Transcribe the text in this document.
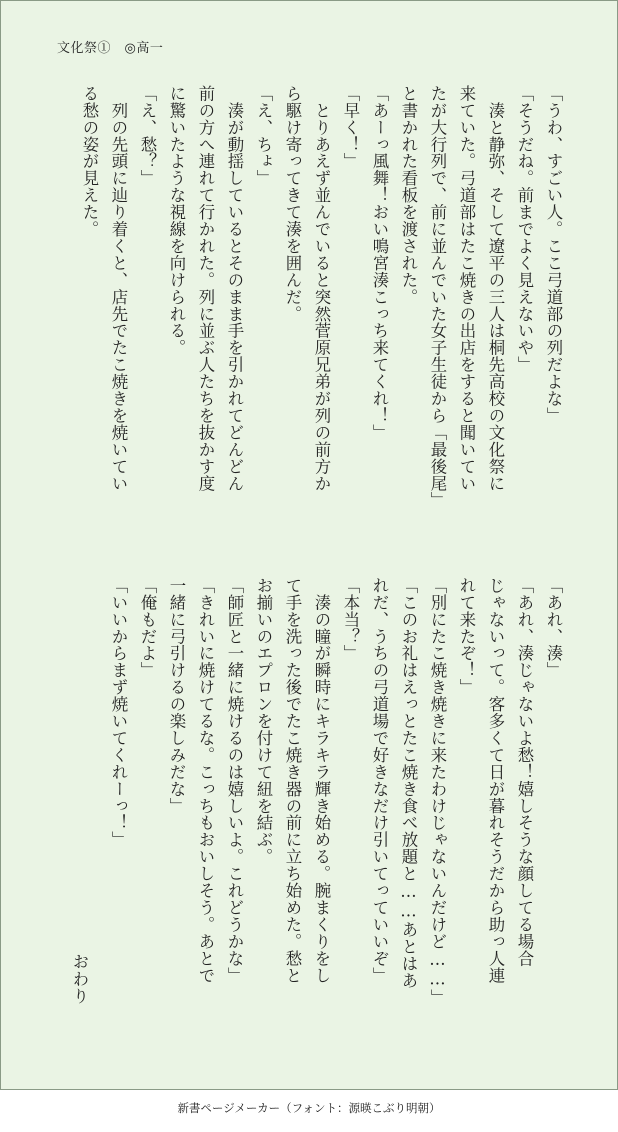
文化祭①　◎高一
「うわ、すごい人。ここ弓道部の列だよな」
「そうだね。前までよく見えないや」
　湊と静弥、そして遼平の三人は桐先高校の文化祭に
来ていた。弓道部はたこ焼きの出店をすると聞いてい
たが大行列で、前に並んでいた女子生徒から「最後尾」
と書かれた看板を渡された。
「あーっ風舞！おい鳴宮湊こっち来てくれ！」
「早く！」
　とりあえず並んでいると突然菅原兄弟が列の前方か
ら駆け寄ってきて湊を囲んだ。
「え、ちょ」
　湊が動揺しているとそのまま手を引かれてどんどん
前の方へ連れて行かれた。列に並ぶ人たちを抜かす度
に驚いたような視線を向けられる。
「え、愁？」
　列の先頭に辿り着くと、店先でたこ焼きを焼いてい
る愁の姿が見えた。
「あれ、湊」
「あれ、湊じゃないよ愁！嬉しそうな顔してる場合
じゃないって。客多くて日が暮れそうだから助っ人連
れて来たぞ！」
「別にたこ焼き焼きに来たわけじゃないんだけど……」
「このお礼はえっとたこ焼き食べ放題と……あとはあ
れだ、うちの弓道場で好きなだけ引いてっていいぞ」
「本当？」
　湊の瞳が瞬時にキラキラ輝き始める。腕まくりをし
て手を洗った後でたこ焼き器の前に立ち始めた。愁と
お揃いのエプロンを付けて紐を結ぶ。
「師匠と一緒に焼けるのは嬉しいよ。これどうかな」
「きれいに焼けてるな。こっちもおいしそう。あとで
一緒に弓引けるの楽しみだな」
「俺もだよ」
「いいからまず焼いてくれーっ！」
おわり
新書ページメーカー（フォント：源暎こぶり明朝）
